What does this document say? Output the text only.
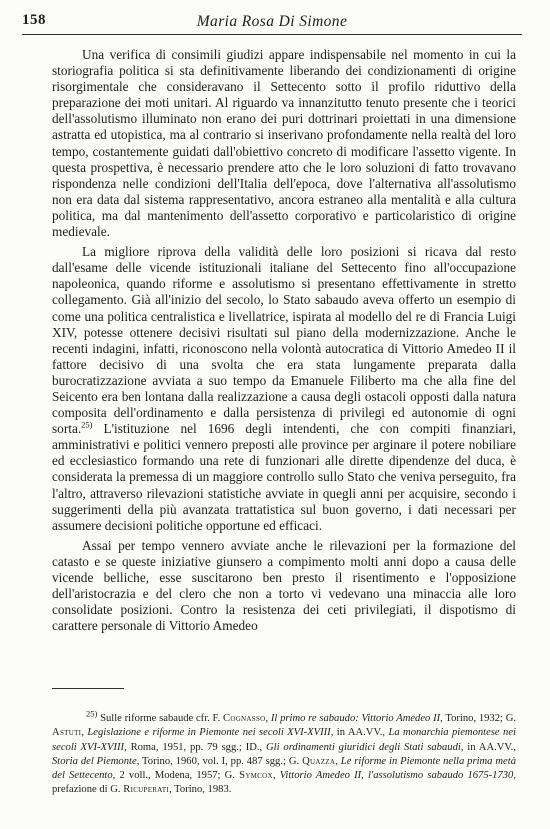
158	Maria Rosa Di Simone

Una verifica di consimili giudizi appare indispensabile nel momento in cui la storiografia politica si sta definitivamente liberando dei condizionamenti di origine risorgimentale che consideravano il Settecento sotto il profilo riduttivo della preparazione dei moti unitari. Al riguardo va innanzitutto tenuto presente che i teorici dell'assolutismo illuminato non erano dei puri dottrinari proiettati in una dimensione astratta ed utopistica, ma al contrario si inserivano profondamente nella realtà del loro tempo, costantemente guidati dall'obiettivo concreto di modificare l'assetto vigente. In questa prospettiva, è necessario prendere atto che le loro soluzioni di fatto trovavano rispondenza nelle condizioni dell'Italia dell'epoca, dove l'alternativa all'assolutismo non era data dal sistema rappresentativo, ancora estraneo alla mentalità e alla cultura politica, ma dal mantenimento dell'assetto corporativo e particolaristico di origine medievale.

La migliore riprova della validità delle loro posizioni si ricava dal resto dall'esame delle vicende istituzionali italiane del Settecento fino all'occupazione napoleonica, quando riforme e assolutismo si presentano effettivamente in stretto collegamento. Già all'inizio del secolo, lo Stato sabaudo aveva offerto un esempio di come una politica centralistica e livellatrice, ispirata al modello del re di Francia Luigi XIV, potesse ottenere decisivi risultati sul piano della modernizzazione. Anche le recenti indagini, infatti, riconoscono nella volontà autocratica di Vittorio Amedeo II il fattore decisivo di una svolta che era stata lungamente preparata dalla burocratizzazione avviata a suo tempo da Emanuele Filiberto ma che alla fine del Seicento era ben lontana dalla realizzazione a causa degli ostacoli opposti dalla natura composita dell'ordinamento e dalla persistenza di privilegi ed autonomie di ogni sorta.$^{25)}$ L'istituzione nel 1696 degli intendenti, che con compiti finanziari, amministrativi e politici vennero preposti alle province per arginare il potere nobiliare ed ecclesiastico formando una rete di funzionari alle dirette dipendenze del duca, è considerata la premessa di un maggiore controllo sullo Stato che veniva perseguito, fra l'altro, attraverso rilevazioni statistiche avviate in quegli anni per acquisire, secondo i suggerimenti della più avanzata trattatistica sul buon governo, i dati necessari per assumere decisioni politiche opportune ed efficaci.

Assai per tempo vennero avviate anche le rilevazioni per la formazione del catasto e se queste iniziative giunsero a compimento molti anni dopo a causa delle vicende belliche, esse suscitarono ben presto il risentimento e l'opposizione dell'aristocrazia e del clero che non a torto vi vedevano una minaccia alle loro consolidate posizioni. Contro la resistenza dei ceti privilegiati, il dispotismo di carattere personale di Vittorio Amedeo

$^{25)}$ Sulle riforme sabaude cfr. F. Cognasso, Il primo re sabaudo: Vittorio Amedeo II, Torino, 1932; G. Astuti, Legislazione e riforme in Piemonte nei secoli XVI-XVIII, in AA.VV., La monarchia piemontese nei secoli XVI-XVIII, Roma, 1951, pp. 79 sgg.; ID., Gli ordinamenti giuridici degli Stati sabaudi, in AA.VV., Storia del Piemonte, Torino, 1960, vol. I, pp. 487 sgg.; G. Quazza, Le riforme in Piemonte nella prima metà del Settecento, 2 voll., Modena, 1957; G. Symcox, Vittorio Amedeo II, l'assolutismo sabaudo 1675-1730, prefazione di G. Ricuperati, Torino, 1983.
